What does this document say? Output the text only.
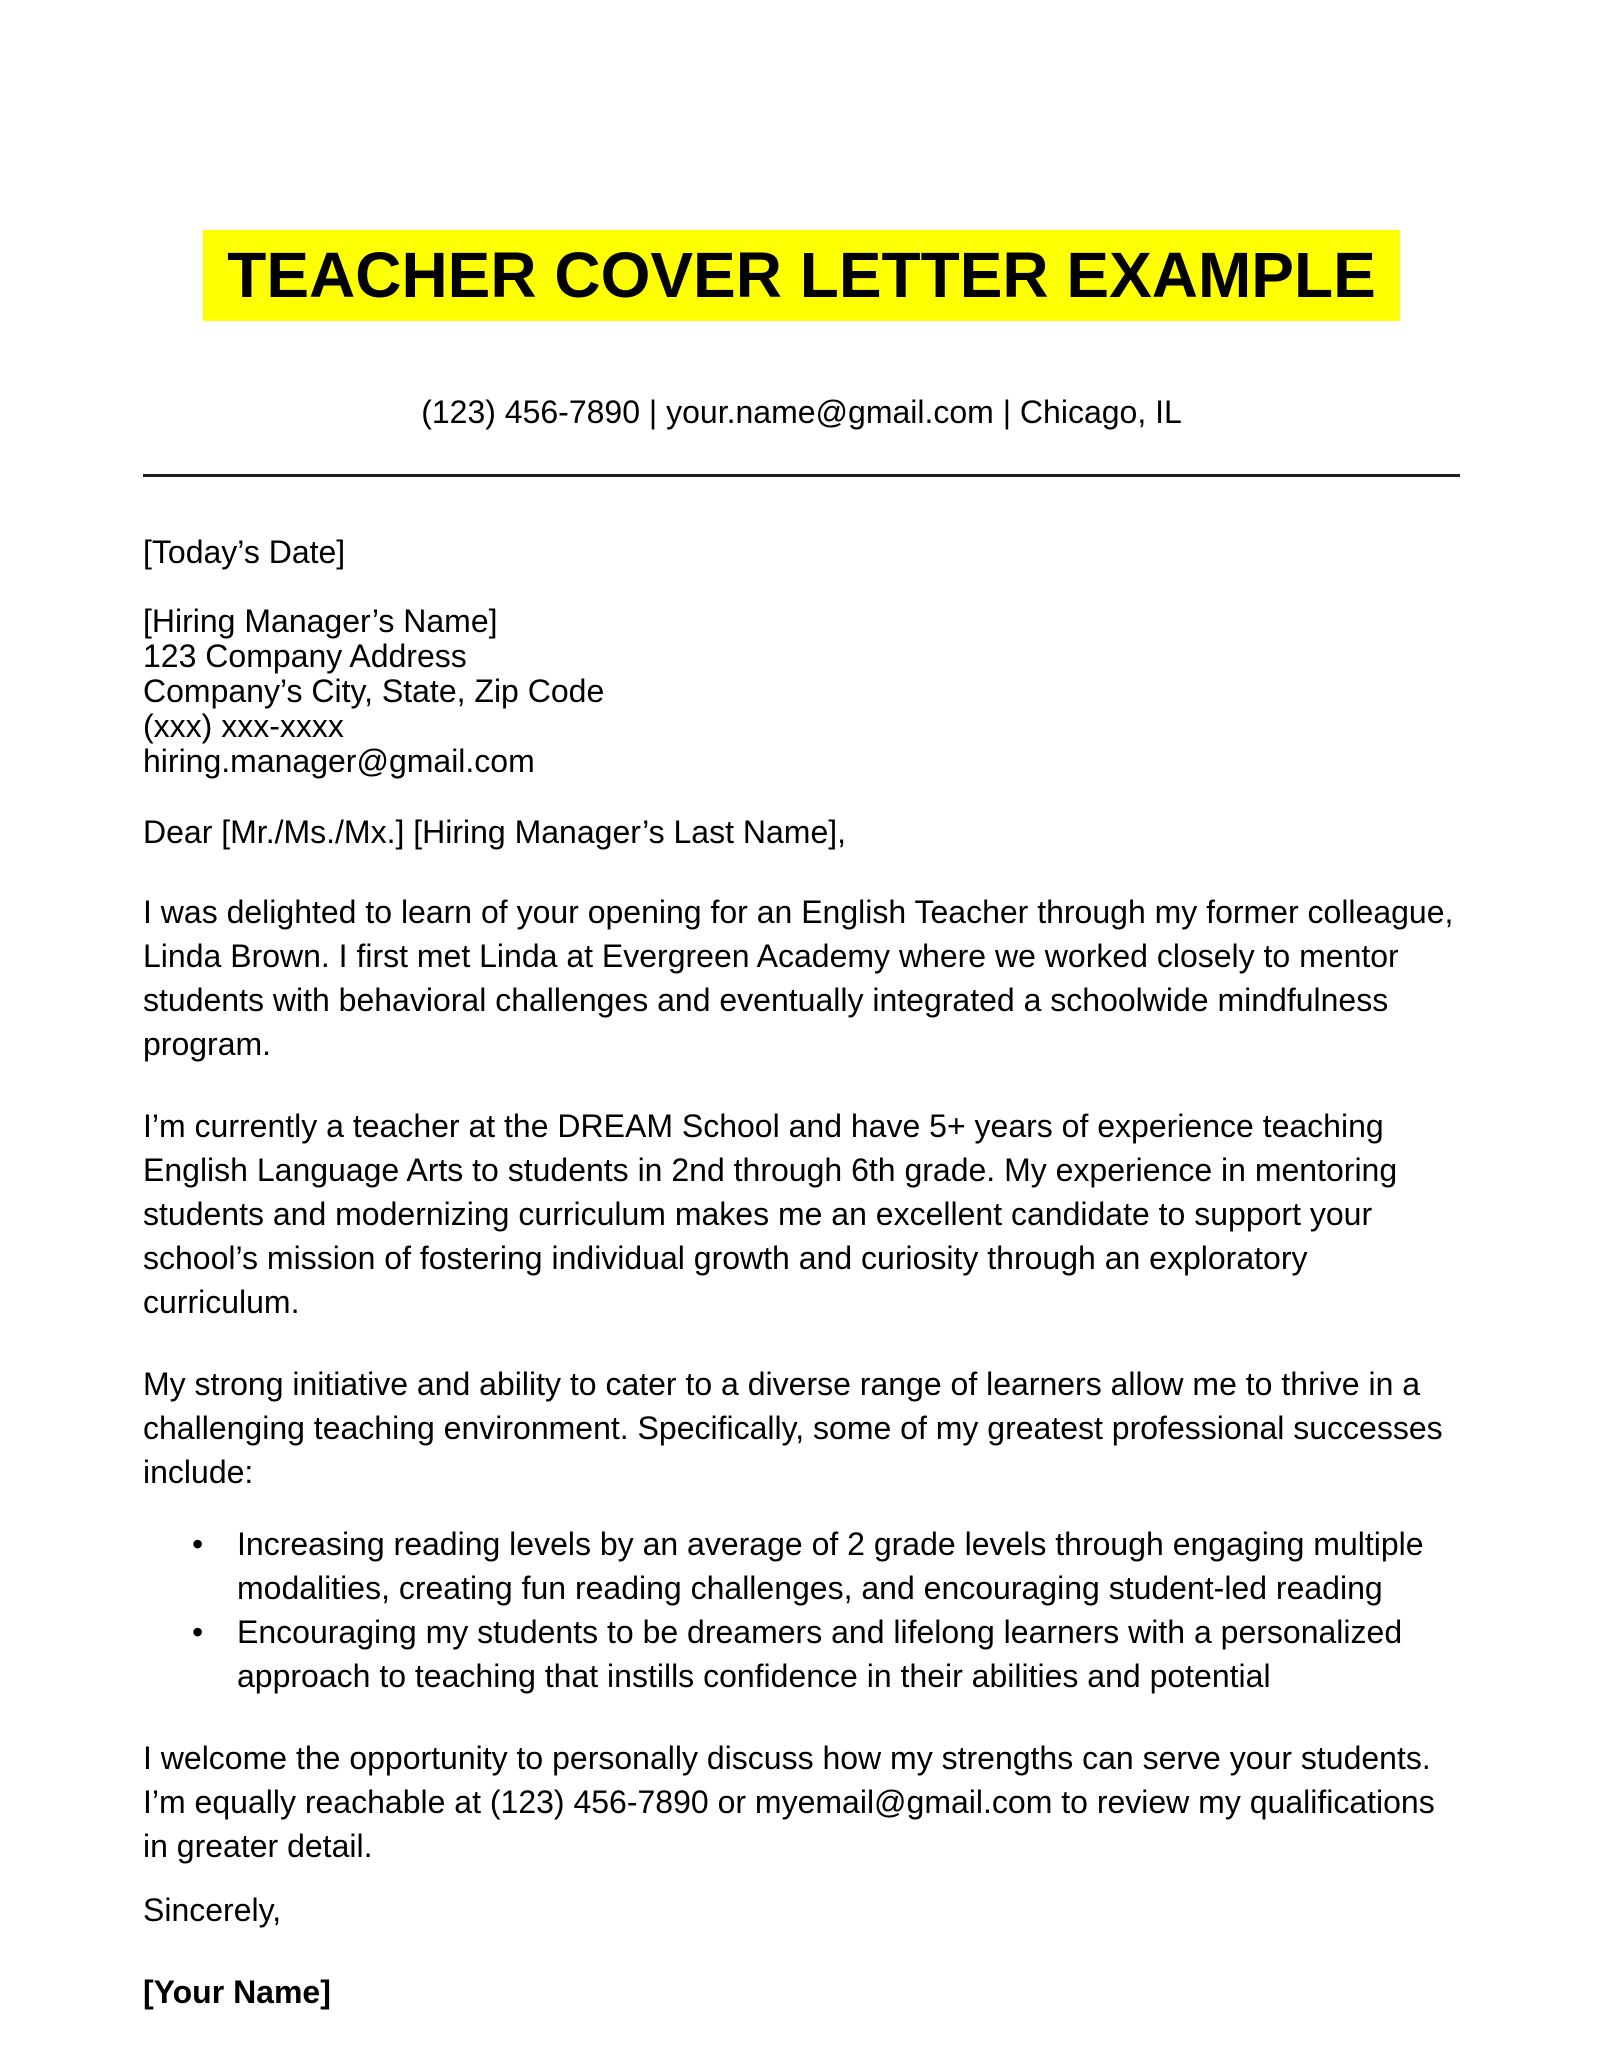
TEACHER COVER LETTER EXAMPLE
(123) 456-7890 | your.name@gmail.com | Chicago, IL
[Today’s Date]
[Hiring Manager’s Name]
123 Company Address
Company’s City, State, Zip Code
(xxx) xxx-xxxx
hiring.manager@gmail.com
Dear [Mr./Ms./Mx.] [Hiring Manager’s Last Name],

I was delighted to learn of your opening for an English Teacher through my former colleague, Linda Brown. I first met Linda at Evergreen Academy where we worked closely to mentor students with behavioral challenges and eventually integrated a schoolwide mindfulness program.

I’m currently a teacher at the DREAM School and have 5+ years of experience teaching English Language Arts to students in 2nd through 6th grade. My experience in mentoring students and modernizing curriculum makes me an excellent candidate to support your school’s mission of fostering individual growth and curiosity through an exploratory curriculum.

My strong initiative and ability to cater to a diverse range of learners allow me to thrive in a challenging teaching environment. Specifically, some of my greatest professional successes include:

• Increasing reading levels by an average of 2 grade levels through engaging multiple modalities, creating fun reading challenges, and encouraging student-led reading
• Encouraging my students to be dreamers and lifelong learners with a personalized approach to teaching that instills confidence in their abilities and potential

I welcome the opportunity to personally discuss how my strengths can serve your students. I’m equally reachable at (123) 456-7890 or myemail@gmail.com to review my qualifications in greater detail.

Sincerely,
[Your Name]
